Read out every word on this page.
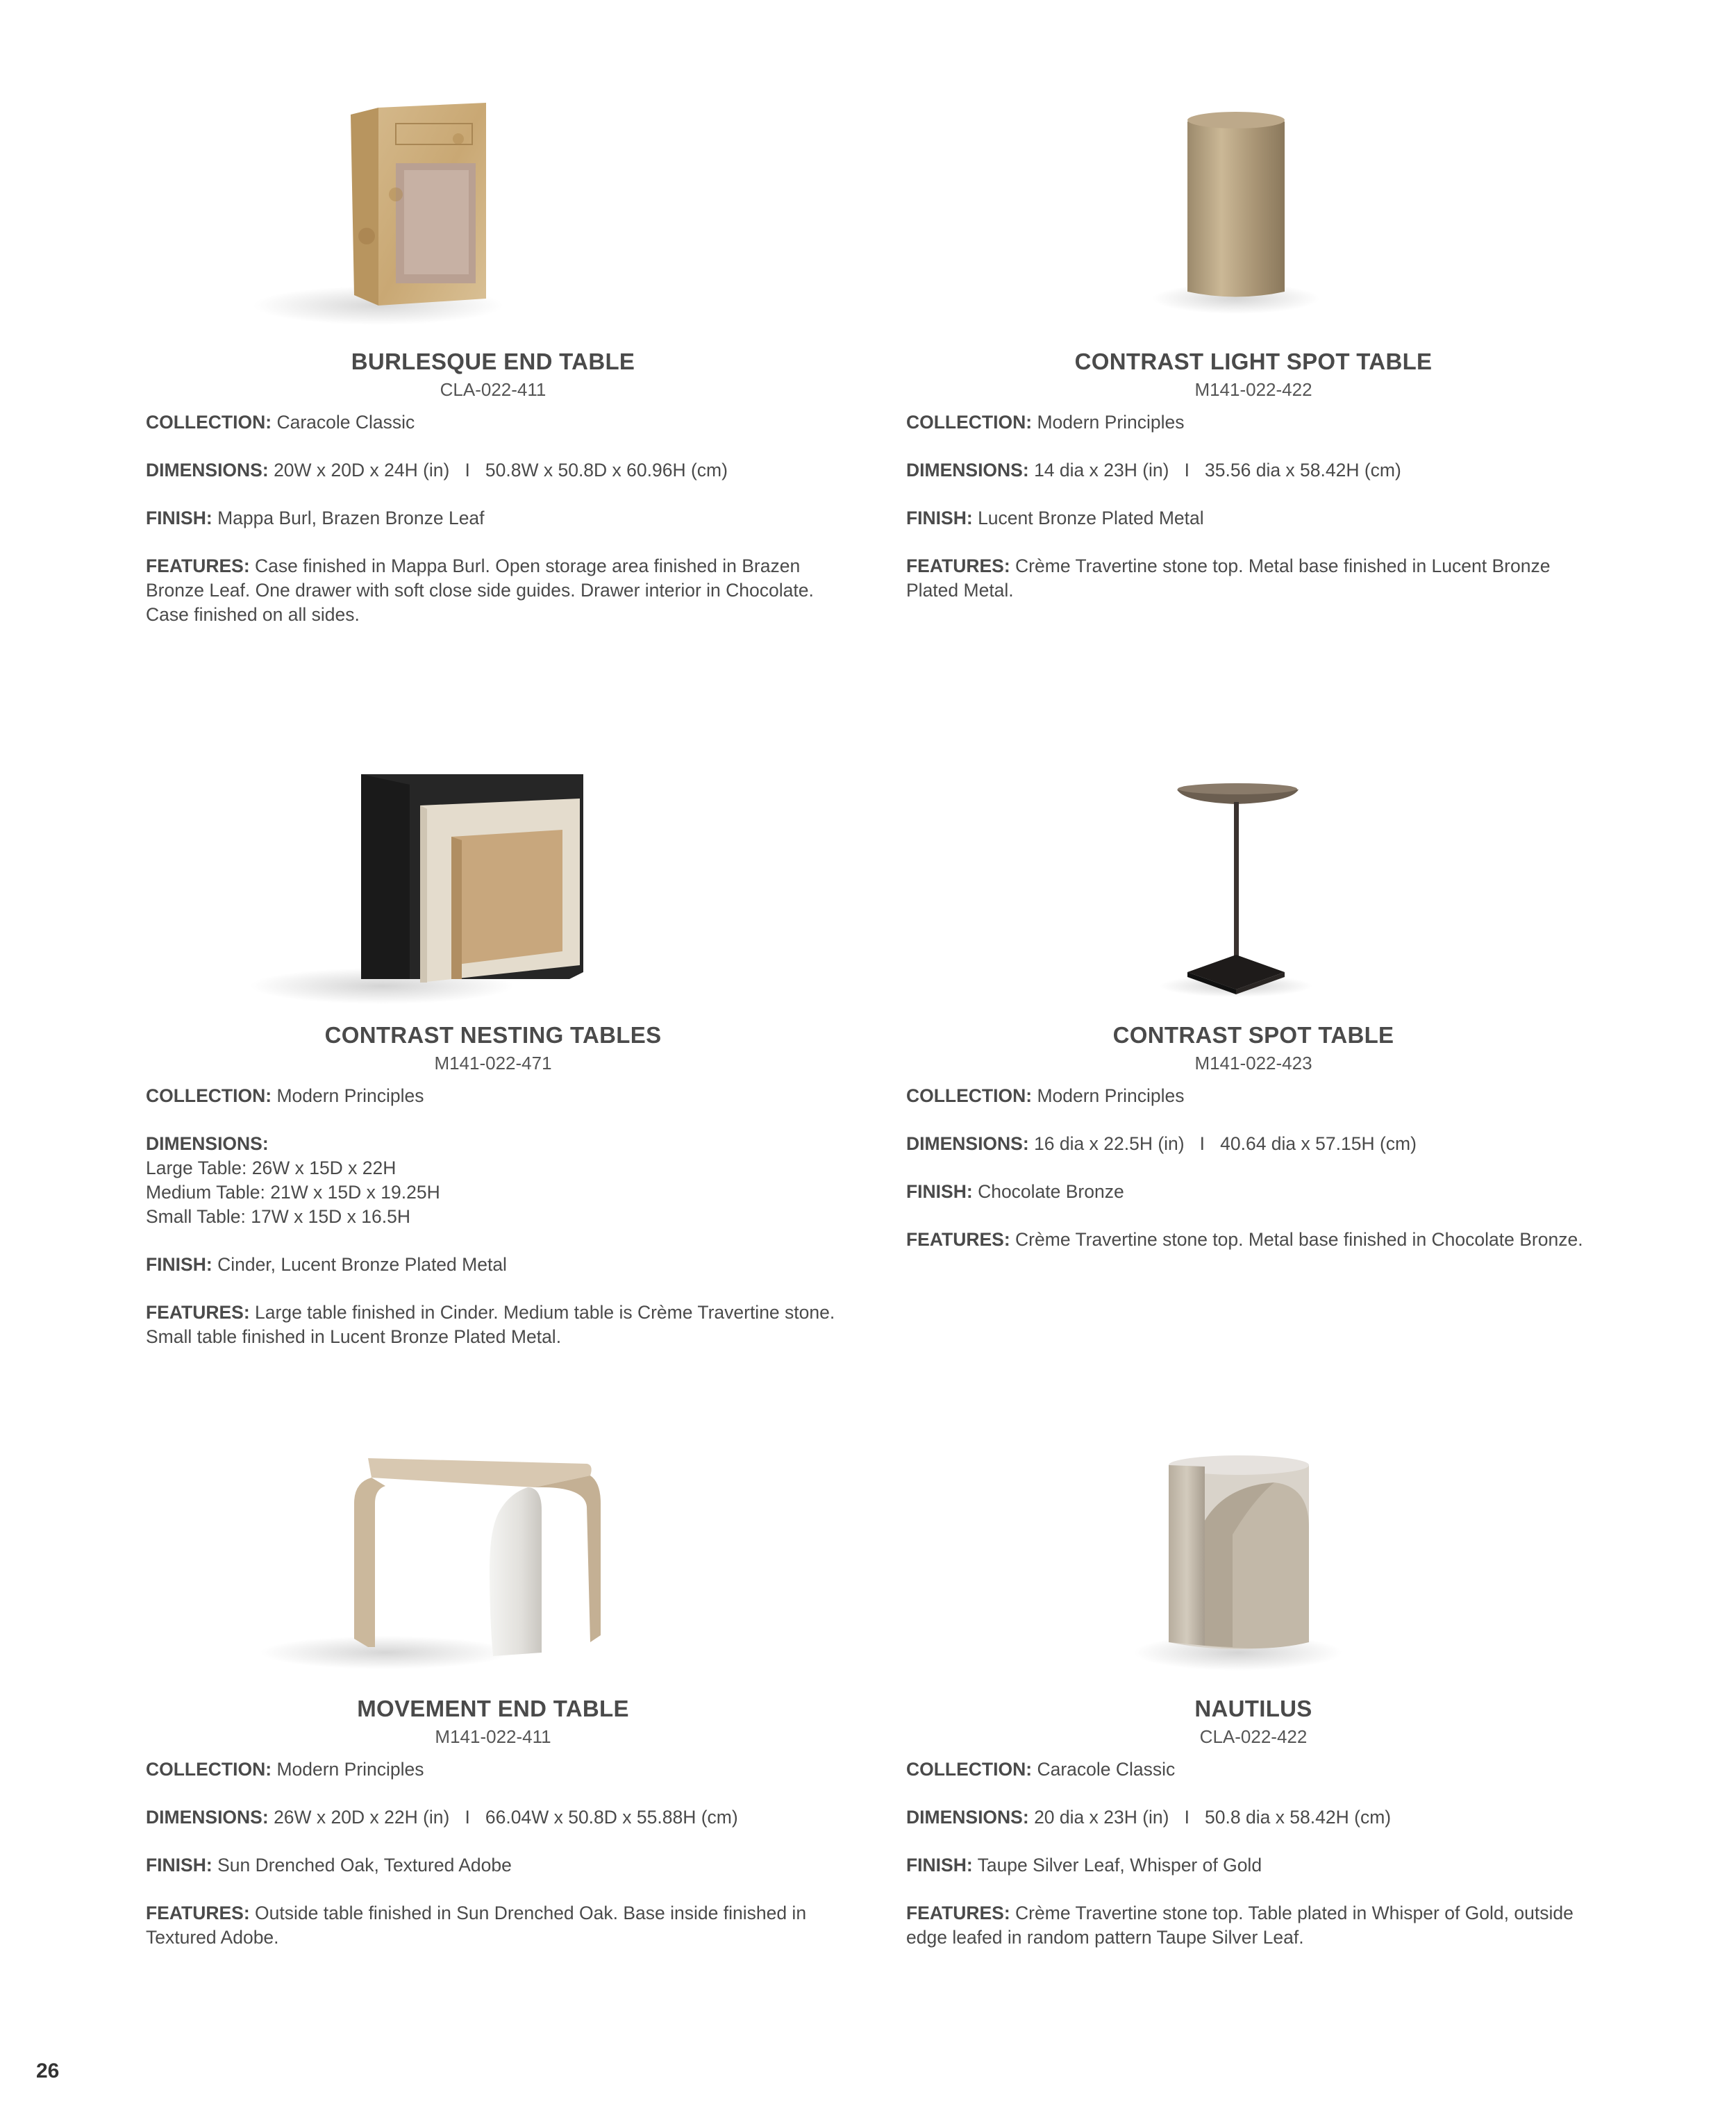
BURLESQUE END TABLE
CLA-022-411
COLLECTION: Caracole Classic
DIMENSIONS: 20W x 20D x 24H (in)   I   50.8W x 50.8D x 60.96H (cm)
FINISH: Mappa Burl, Brazen Bronze Leaf
FEATURES: Case finished in Mappa Burl. Open storage area finished in Brazen Bronze Leaf. One drawer with soft close side guides. Drawer interior in Chocolate. Case finished on all sides.
CONTRAST LIGHT SPOT TABLE
M141-022-422
COLLECTION: Modern Principles
DIMENSIONS: 14 dia x 23H (in)   I   35.56 dia x 58.42H (cm)
FINISH: Lucent Bronze Plated Metal
FEATURES: Crème Travertine stone top. Metal base finished in Lucent Bronze Plated Metal.
CONTRAST NESTING TABLES
M141-022-471
COLLECTION: Modern Principles
DIMENSIONS:
Large Table: 26W x 15D x 22H
Medium Table: 21W x 15D x 19.25H
Small Table: 17W x 15D x 16.5H
FINISH: Cinder, Lucent Bronze Plated Metal
FEATURES: Large table finished in Cinder. Medium table is Crème Travertine stone. Small table finished in Lucent Bronze Plated Metal.
CONTRAST SPOT TABLE
M141-022-423
COLLECTION: Modern Principles
DIMENSIONS: 16 dia x 22.5H (in)   I   40.64 dia x 57.15H (cm)
FINISH: Chocolate Bronze
FEATURES: Crème Travertine stone top. Metal base finished in Chocolate Bronze.
MOVEMENT END TABLE
M141-022-411
COLLECTION: Modern Principles
DIMENSIONS: 26W x 20D x 22H (in)   I   66.04W x 50.8D x 55.88H (cm)
FINISH: Sun Drenched Oak, Textured Adobe
FEATURES: Outside table finished in Sun Drenched Oak. Base inside finished in Textured Adobe.
NAUTILUS
CLA-022-422
COLLECTION: Caracole Classic
DIMENSIONS: 20 dia x 23H (in)   I   50.8 dia x 58.42H (cm)
FINISH: Taupe Silver Leaf, Whisper of Gold
FEATURES: Crème Travertine stone top. Table plated in Whisper of Gold, outside edge leafed in random pattern Taupe Silver Leaf.
26
